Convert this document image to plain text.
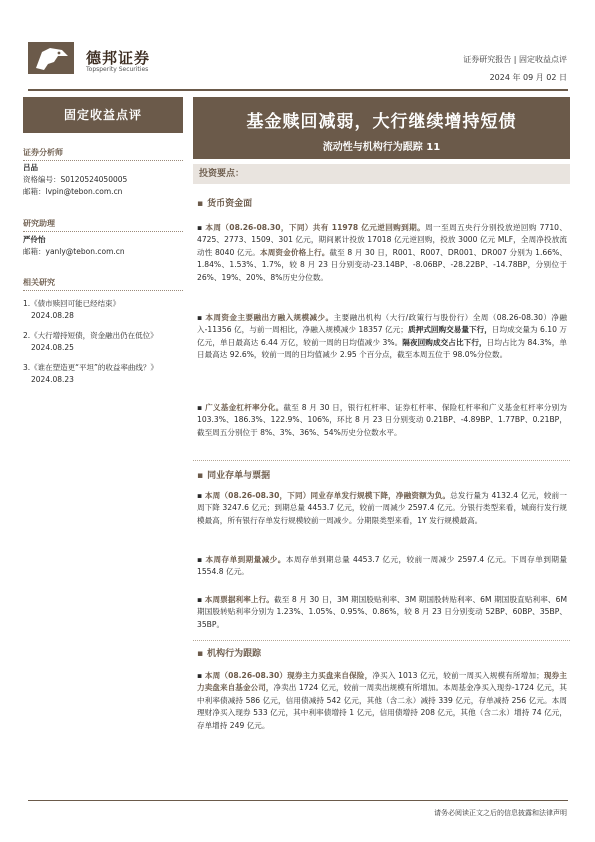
德邦证券
Topsperity Securities
证券研究报告 | 固定收益点评
2024 年 09 月 02 日
固定收益点评
证券分析师
吕品
资格编号：S0120524050005
邮箱：lvpin@tebon.com.cn
研究助理
严伶怡
邮箱：yanly@tebon.com.cn
相关研究
1.《债市赎回可能已经结束》
2024.08.28
2.《大行增持短债，资金融出仍在低位》
2024.08.25
3.《谁在塑造更“平坦”的收益率曲线？》
2024.08.23
基金赎回减弱，大行继续增持短债
流动性与机构行为跟踪 11
投资要点：
▪ 货币资金面
▪ 本周（08.26-08.30，下同）共有 11978 亿元逆回购到期。周一至周五央行分别投放逆回购 7710、4725、2773、1509、301 亿元，期间累计投放 17018 亿元逆回购，投放 3000 亿元 MLF，全周净投放流动性 8040 亿元。本周资金价格上行。截至 8 月 30 日，R001、R007、DR001、DR007 分别为 1.66%、1.84%、1.53%、1.7%，较 8 月 23 日分别变动-23.14BP、-8.06BP、-28.22BP、-14.78BP，分别位于 26%、19%、20%、8%历史分位数。
▪ 本周资金主要融出方融入规模减少。主要融出机构（大行/政策行与股份行）全周（08.26-08.30）净融入-11356 亿，与前一周相比，净融入规模减少 18357 亿元；质押式回购交易量下行，日均成交量为 6.10 万亿元，单日最高达 6.44 万亿，较前一周的日均值减少 3%。隔夜回购成交占比下行，日均占比为 84.3%，单日最高达 92.6%，较前一周的日均值减少 2.95 个百分点，截至本周五位于 98.0%分位数。
▪ 广义基金杠杆率分化。截至 8 月 30 日，银行杠杆率、证券杠杆率、保险杠杆率和广义基金杠杆率分别为 103.3%、186.3%、122.9%、106%，环比 8 月 23 日分别变动 0.21BP、-4.89BP、1.77BP、0.21BP，截至周五分别位于 8%、3%、36%、54%历史分位数水平。
▪ 同业存单与票据
▪ 本周（08.26-08.30，下同）同业存单发行规模下降，净融资额为负。总发行量为 4132.4 亿元，较前一周下降 3247.6 亿元；到期总量 4453.7 亿元，较前一周减少 2597.4 亿元。分银行类型来看，城商行发行规模最高，所有银行存单发行规模较前一周减少。分期限类型来看，1Y 发行规模最高。
▪ 本周存单到期量减少。本周存单到期总量 4453.7 亿元，较前一周减少 2597.4 亿元。下周存单到期量 1554.8 亿元。
▪ 本周票据利率上行。截至 8 月 30 日，3M 期国股贴利率、3M 期国股转贴利率、6M 期国股直贴利率、6M 期国股转贴利率分别为 1.23%、1.05%、0.95%、0.86%，较 8 月 23 日分别变动 52BP、60BP、35BP、35BP。
▪ 机构行为跟踪
▪ 本周（08.26-08.30）现券主力买盘来自保险，净买入 1013 亿元，较前一周买入规模有所增加；现券主力卖盘来自基金公司，净卖出 1724 亿元，较前一周卖出规模有所增加。本周基金净买入现券-1724 亿元，其中利率债减持 586 亿元，信用债减持 542 亿元，其他（含二永）减持 339 亿元，存单减持 256 亿元。本周理财净买入现券 533 亿元，其中利率债增持 1 亿元，信用债增持 208 亿元，其他（含二永）增持 74 亿元，存单增持 249 亿元。
请务必阅读正文之后的信息披露和法律声明
